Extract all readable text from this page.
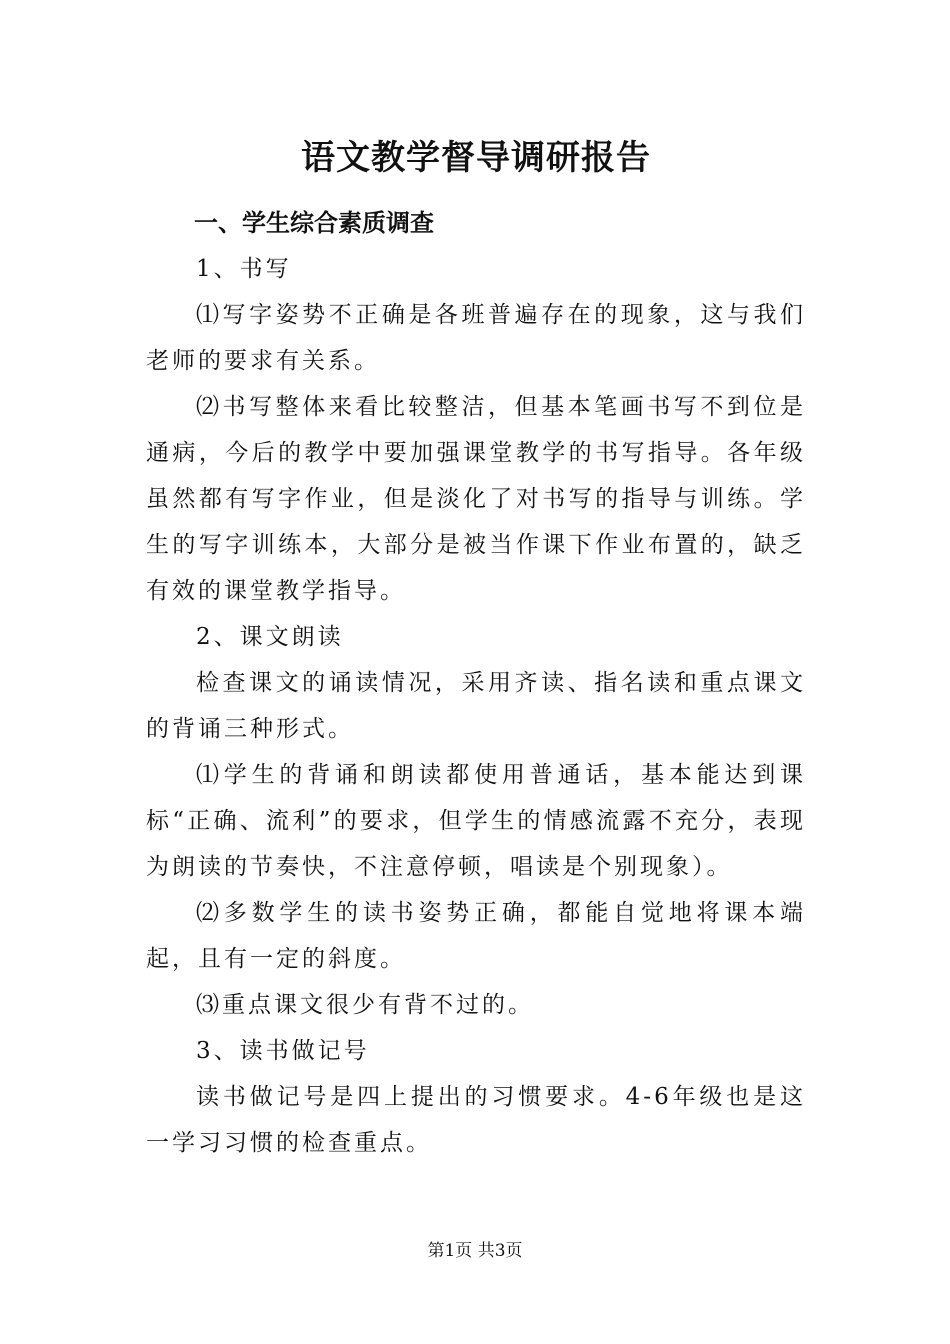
语文教学督导调研报告

一、学生综合素质调查

1、书写

⑴写字姿势不正确是各班普遍存在的现象，这与我们老师的要求有关系。

⑵书写整体来看比较整洁，但基本笔画书写不到位是通病，今后的教学中要加强课堂教学的书写指导。各年级虽然都有写字作业，但是淡化了对书写的指导与训练。学生的写字训练本，大部分是被当作课下作业布置的，缺乏有效的课堂教学指导。

2、课文朗读

检查课文的诵读情况，采用齐读、指名读和重点课文的背诵三种形式。

⑴学生的背诵和朗读都使用普通话，基本能达到课标“正确、流利”的要求，但学生的情感流露不充分，表现为朗读的节奏快，不注意停顿，唱读是个别现象）。

⑵多数学生的读书姿势正确，都能自觉地将课本端起，且有一定的斜度。

⑶重点课文很少有背不过的。

3、读书做记号

读书做记号是四上提出的习惯要求。4-6年级也是这一学习习惯的检查重点。

第1页 共3页
